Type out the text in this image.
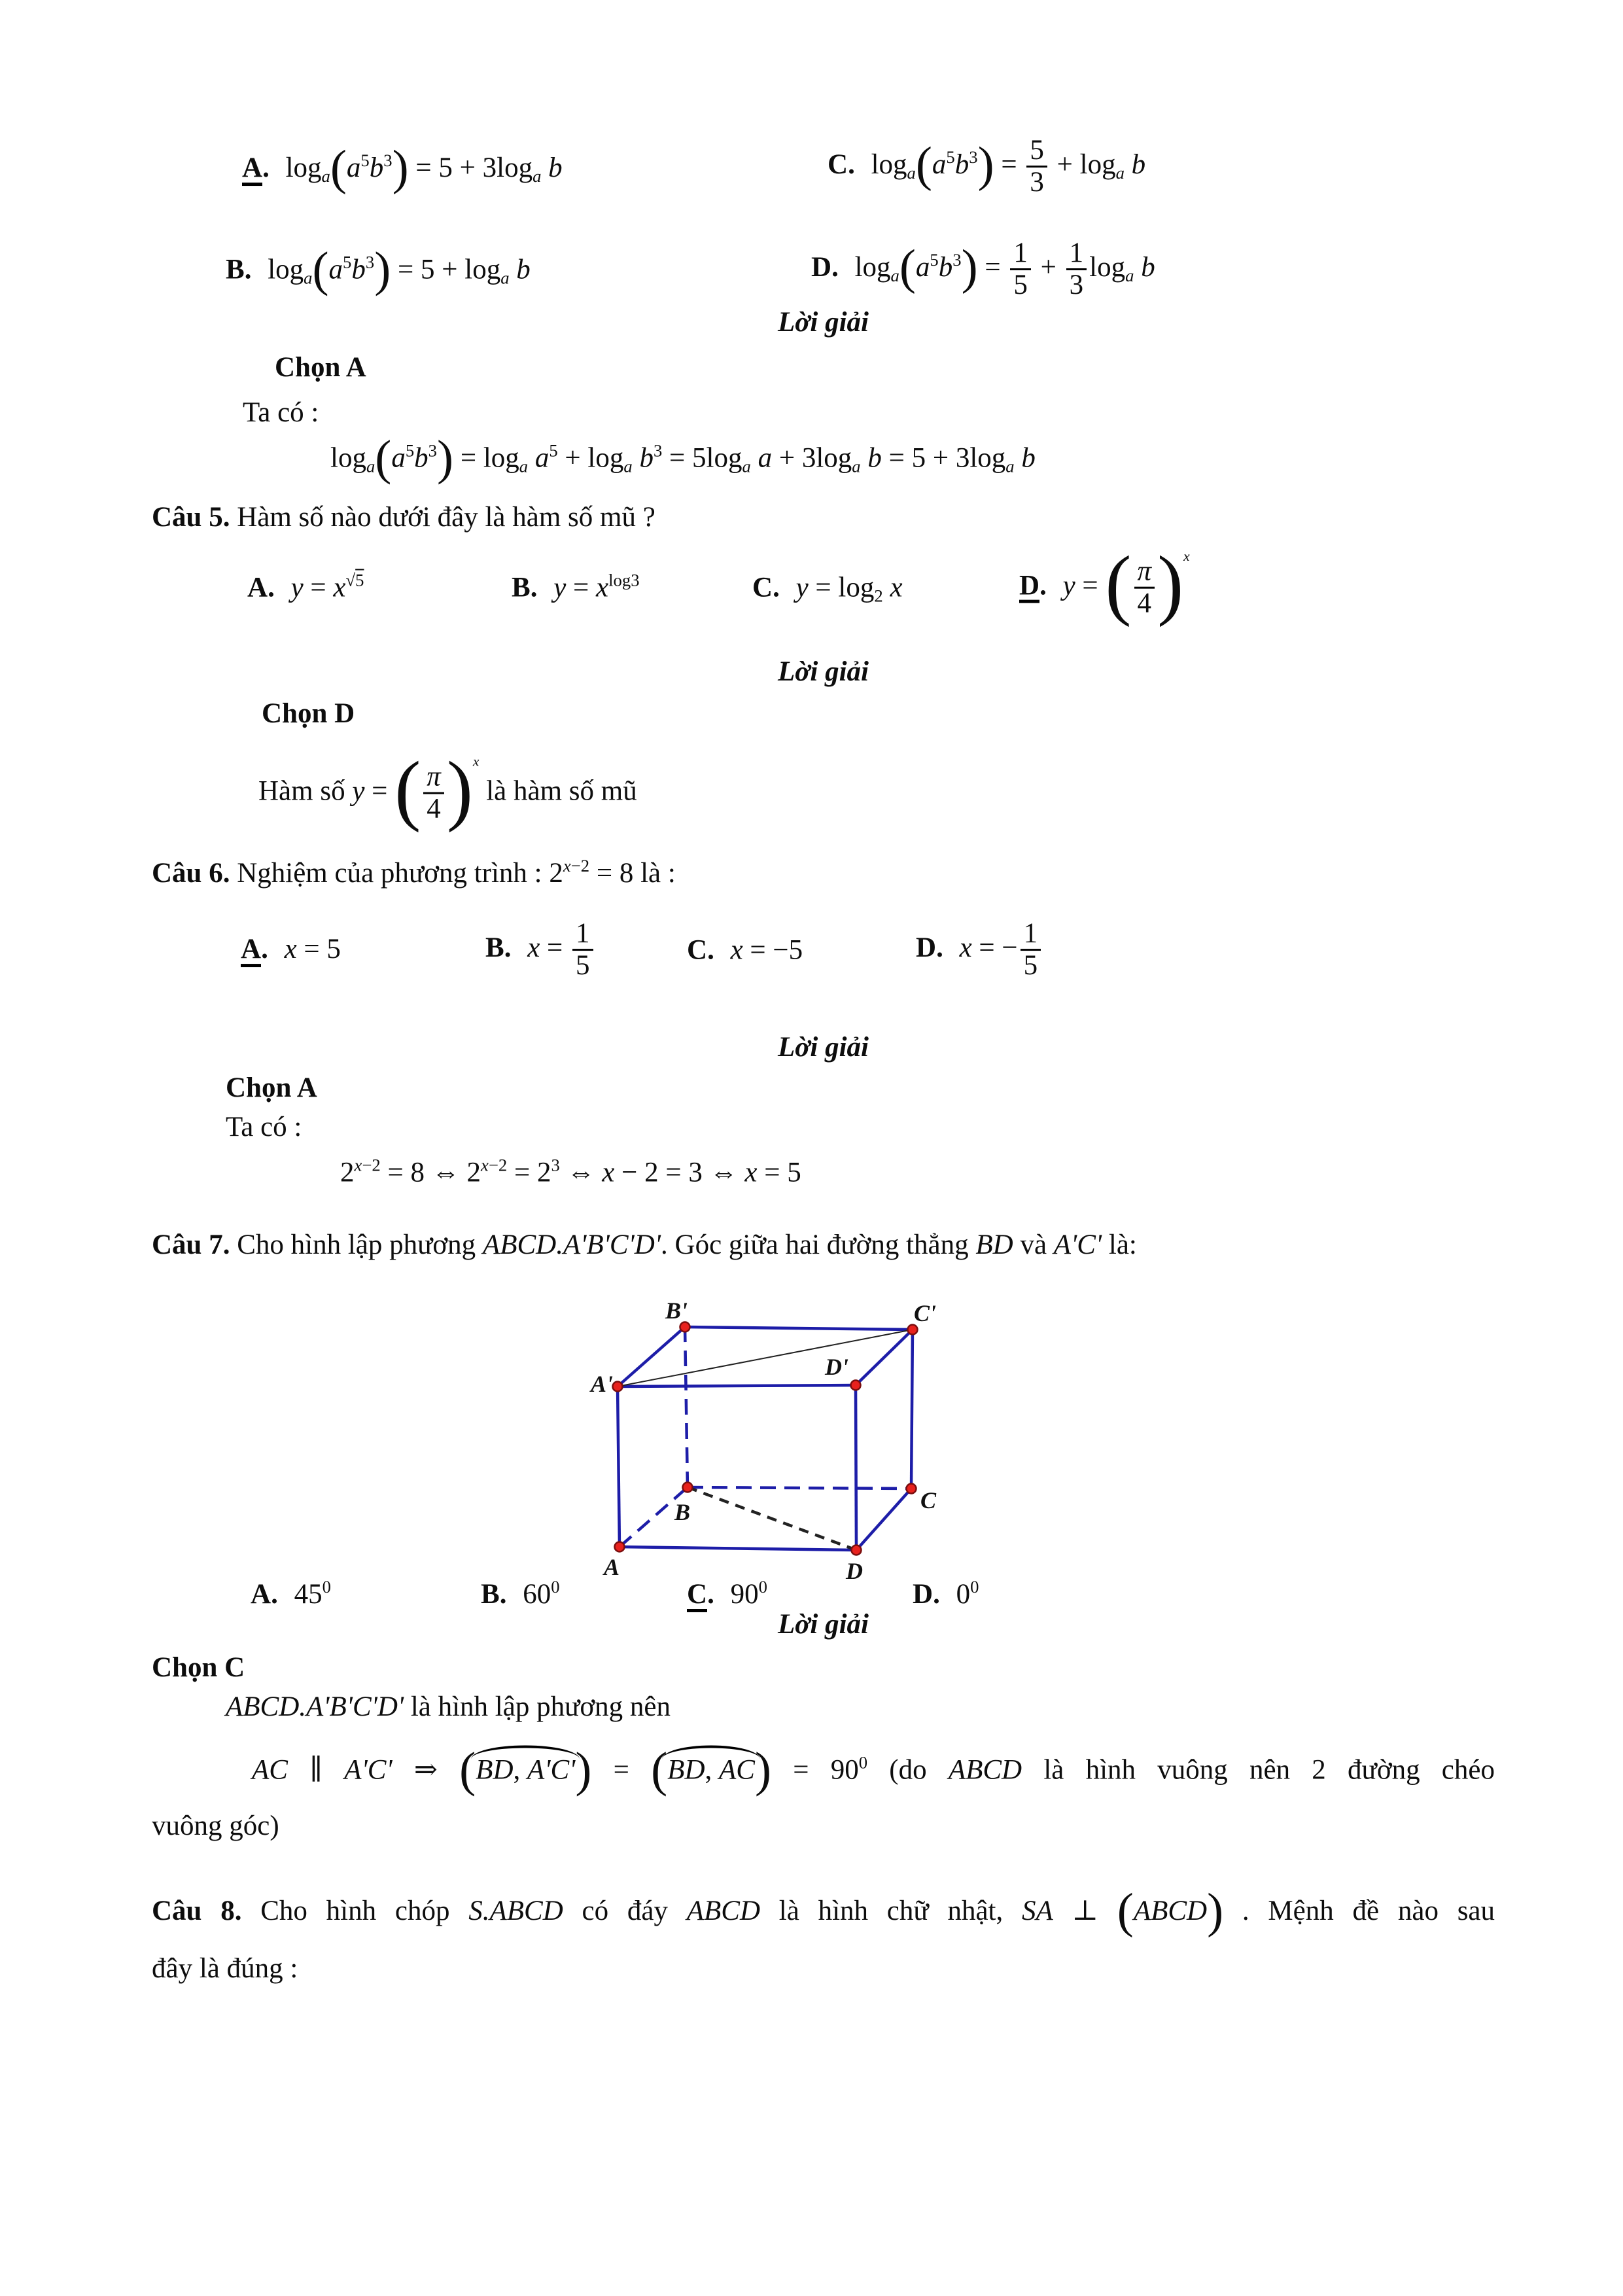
A. $\log_a(a^5b^3) = 5 + 3\log_a$ b	C. $\log_a(a^5b^3) = \frac{5}{3} + \log_a b$
B. $\log_a(a^5b^3) = 5 + \log_a b$	D. $\log_a(a^5b^3) = \frac{1}{5} + \frac{1}{3} \log_a b$
Lời giải
Chọn A
Ta có :
$\log_a(a^5b^3) = \log_a a^5 + \log_a b^3 = 5\log_a$ $a + 3\log_a$ $b = 5 + 3\log_a$ b
Câu 5. Hàm số nào dưới đây là hàm số mũ ?
A. $y = x^{√5}$	B. $y = x^{log3}$	C. $y = \log_2 x$	D. y = ( $\frac{\pi}{4} )^x$
Lời giải
Chọn D
Hàm số y = ( $\frac{\pi}{4} )^x$ là hàm số mũ
Câu 6. Nghiệm của phương trình : $2^{x-2} = 8$ là :
A. x = 5	B. $x = \frac{1}{5}$	C. x = −5	D. x = − $\frac{1}{5}$
Lời giải
Chọn A
Ta có :
$2^{x-2} = 8$ ⇔ $2^{x-2} = 2^3$ ⇔ x − 2 = 3 ⇔ x = 5
Câu 7. Cho hình lập phương ABCD.A'B'C'D'. Góc giữa hai đường thẳng BD và A'C' là:
A'
B'	C'
D'
A
B	C
D
A. $45^0$	B. $60^0$	C. $90^0$	D. $0^0$
Lời giải
Chọn C
ABCD.A'B'C'D' là hình lập phương nên
AC ∥ A'C' ⇒ (BD, A'C') = (BD, $AC) = 90^0$ (do ABCD là hình vuông nên 2 đường chéo
vuông góc)
Câu 8. Cho hình chóp S.ABCD có đáy ABCD là hình chữ nhật, SA ⊥ (ABCD) . Mệnh đề nào sau
đây là đúng :
